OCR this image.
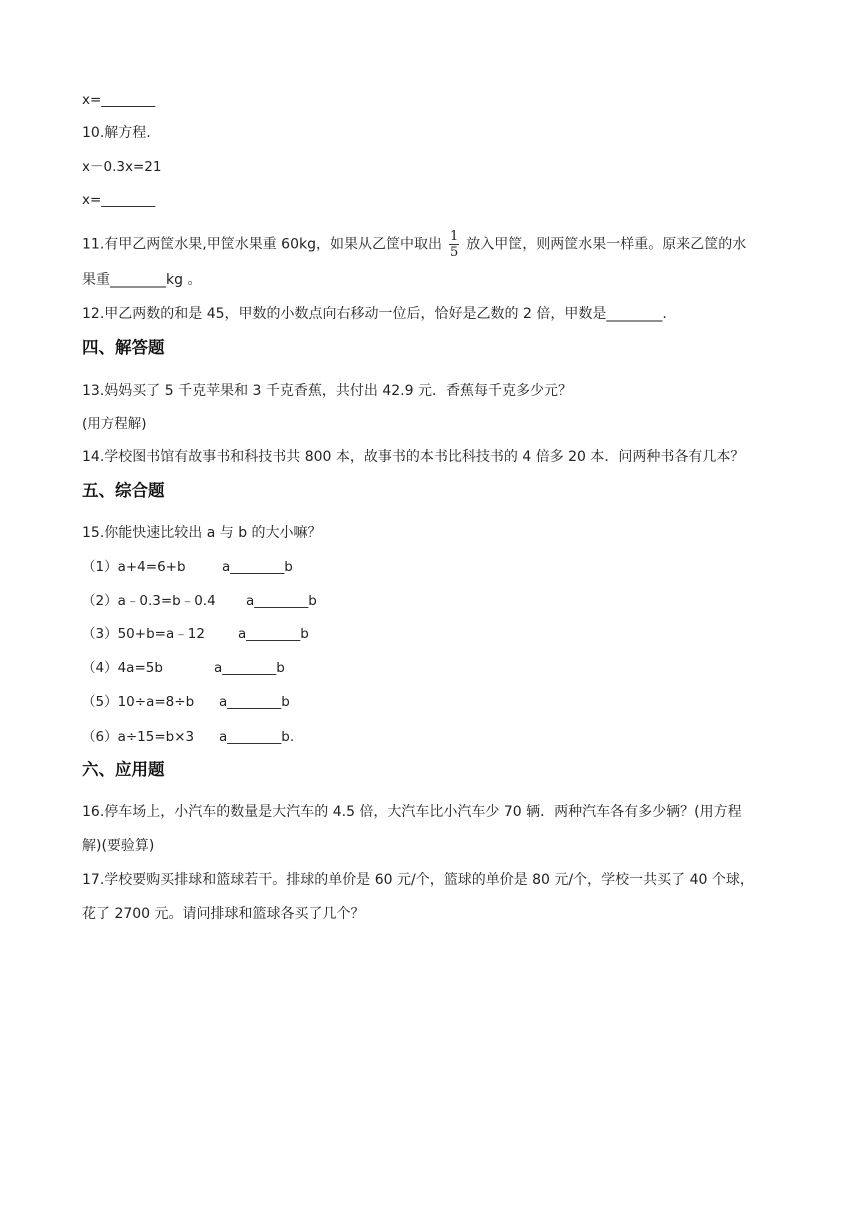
x=________
10.解方程.
x－0.3x=21
x=________
11.有甲乙两筐水果,甲筐水果重 60kg，如果从乙筐中取出 $\frac{1}{5}$ 放入甲筐，则两筐水果一样重。原来乙筐的水
果重________kg 。
12.甲乙两数的和是 45，甲数的小数点向右移动一位后，恰好是乙数的 2 倍，甲数是________.
四、解答题
13.妈妈买了 5 千克苹果和 3 千克香蕉，共付出 42.9 元．香蕉每千克多少元？
(用方程解)
14.学校图书馆有故事书和科技书共 800 本，故事书的本书比科技书的 4 倍多 20 本．问两种书各有几本？
五、综合题
15.你能快速比较出 a 与 b 的大小嘛？
（1）a+4=6+b	a________b
（2）a﹣0.3=b﹣0.4 a________b
（3）50+b=a﹣12 a________b
（4）4a=5b	a________b
（5）10÷a=8÷b a________b
（6）a÷15=b×3 a________b.
六、应用题
16.停车场上，小汽车的数量是大汽车的 4.5 倍，大汽车比小汽车少 70 辆．两种汽车各有多少辆？(用方程
解)(要验算)
17.学校要购买排球和篮球若干。排球的单价是 60 元/个，篮球的单价是 80 元/个，学校一共买了 40 个球，
花了 2700 元。请问排球和篮球各买了几个？
